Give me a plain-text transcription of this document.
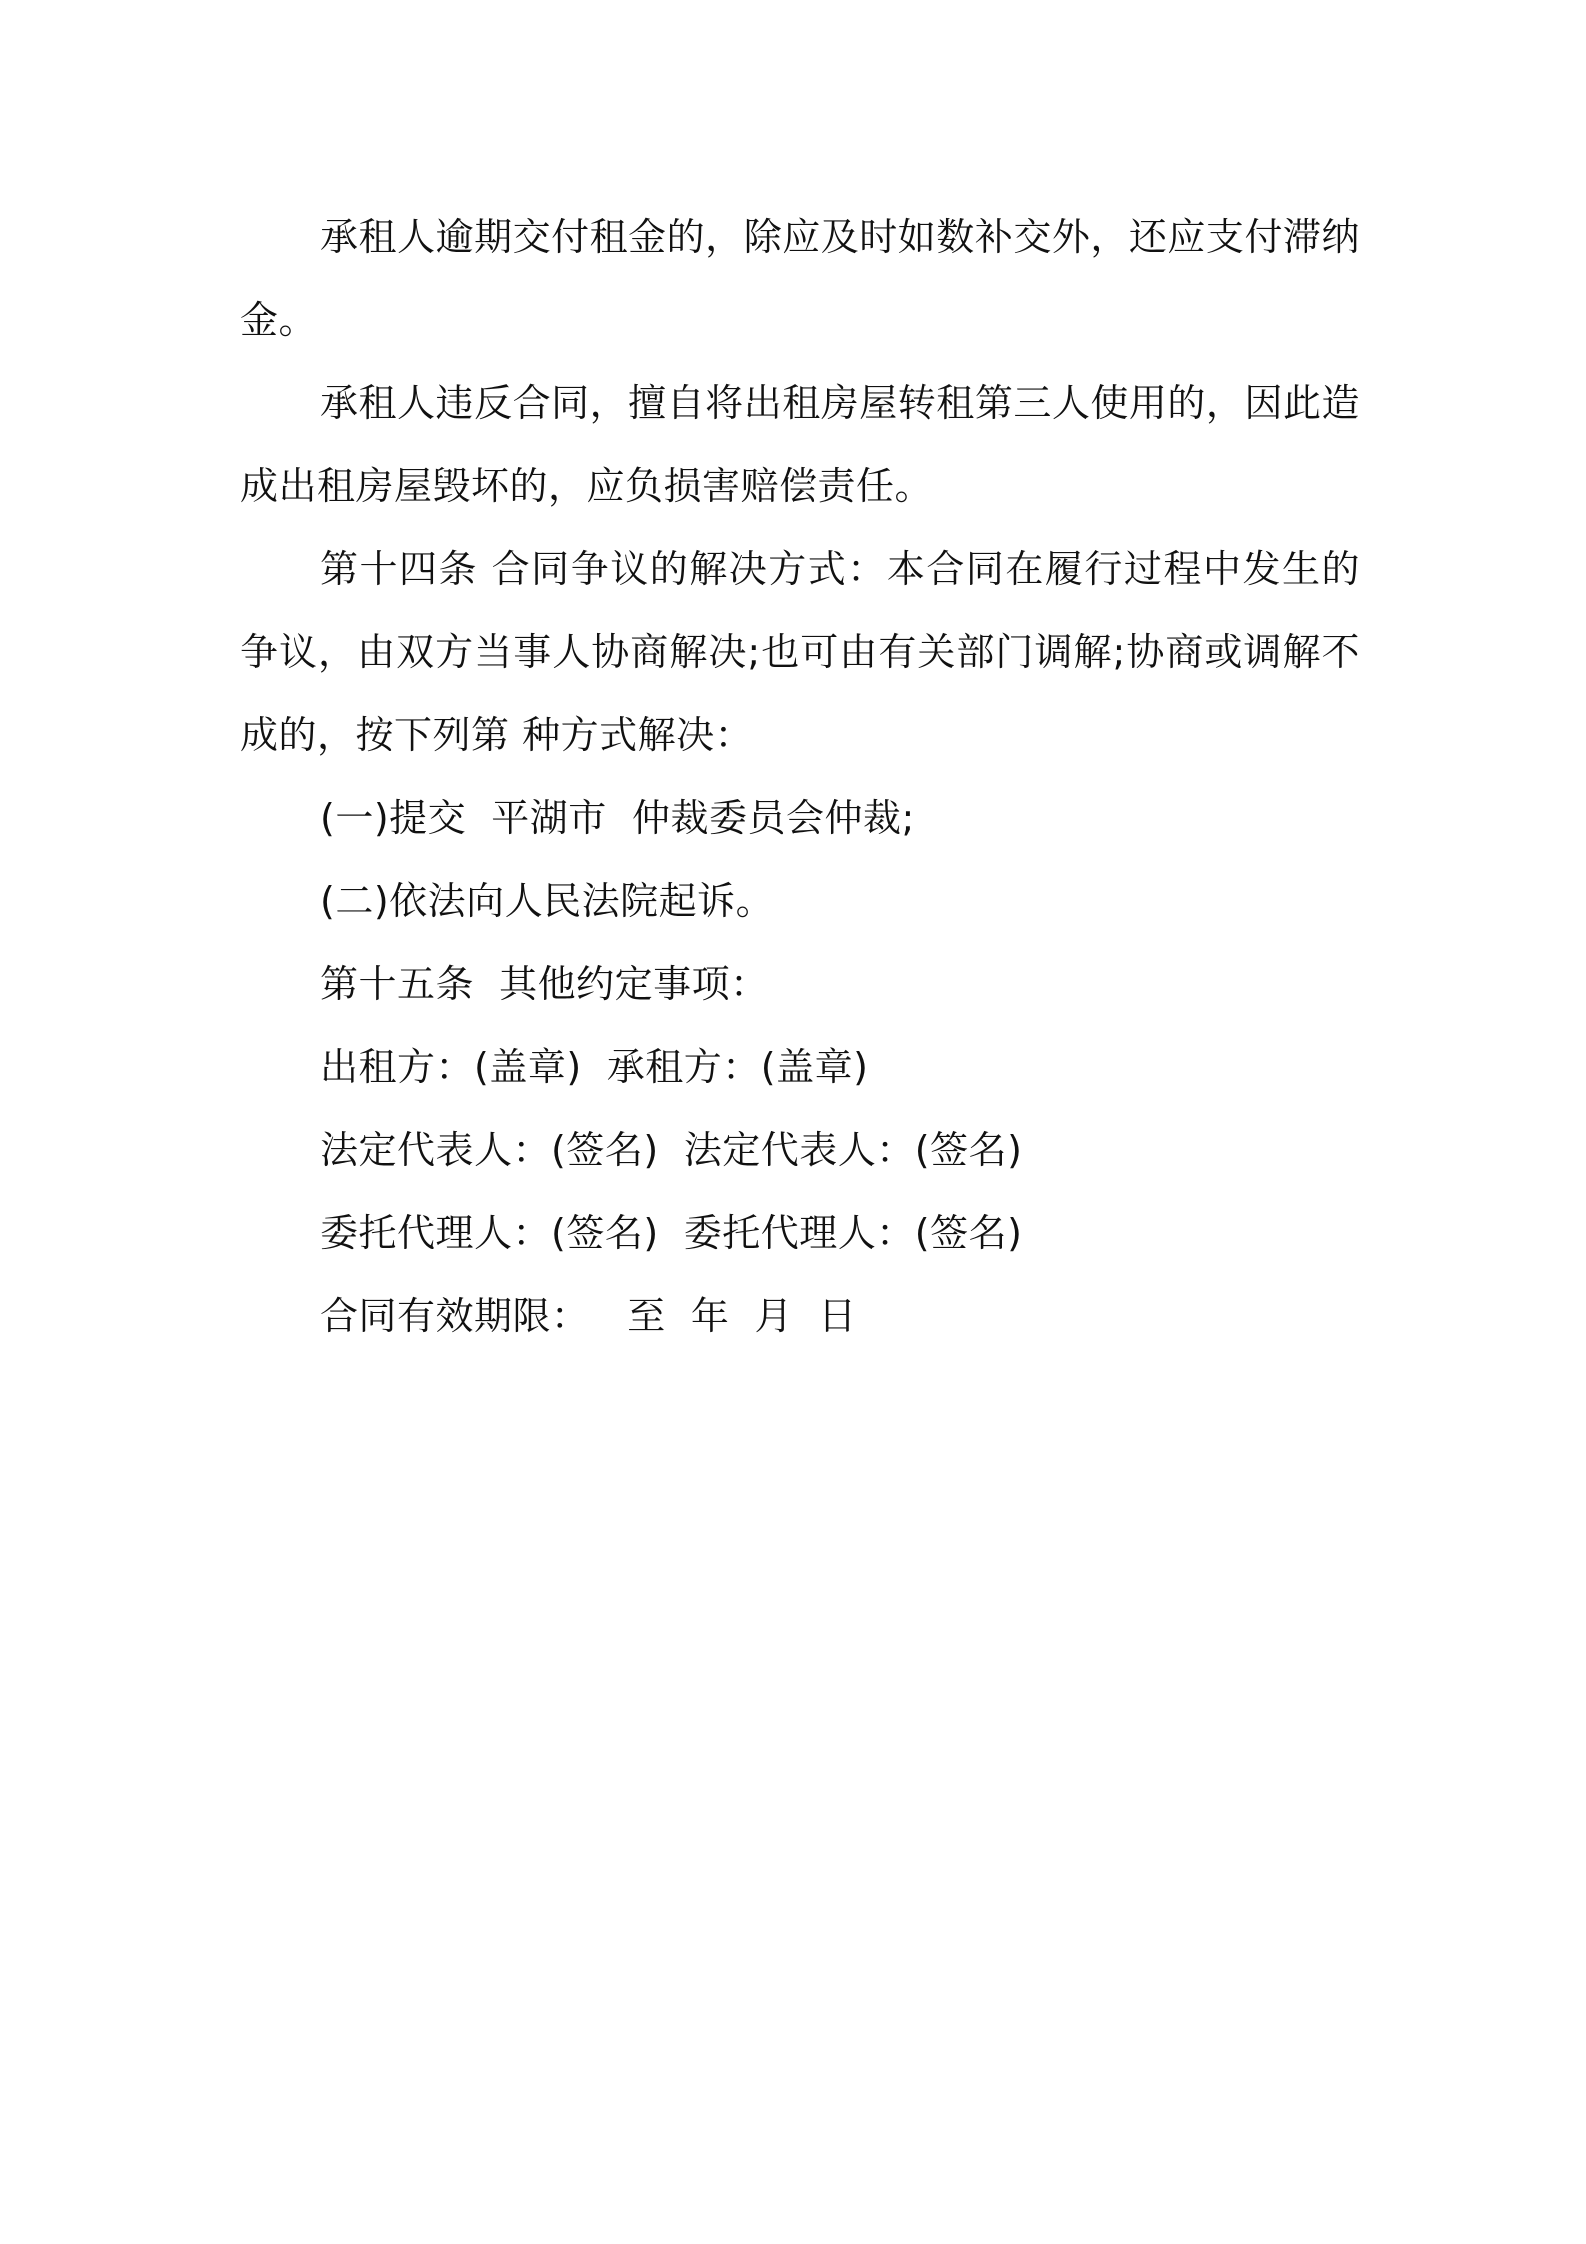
承租人逾期交付租金的，除应及时如数补交外，还应支付滞纳金。

承租人违反合同，擅自将出租房屋转租第三人使用的，因此造成出租房屋毁坏的，应负损害赔偿责任。

第十四条 合同争议的解决方式：本合同在履行过程中发生的争议，由双方当事人协商解决;也可由有关部门调解;协商或调解不成的，按下列第 种方式解决：

(一)提交  平湖市  仲裁委员会仲裁;

(二)依法向人民法院起诉。

第十五条  其他约定事项：

出租方：(盖章)  承租方：(盖章)

法定代表人：(签名)  法定代表人：(签名)

委托代理人：(签名)  委托代理人：(签名)

合同有效期限：   至  年  月  日
